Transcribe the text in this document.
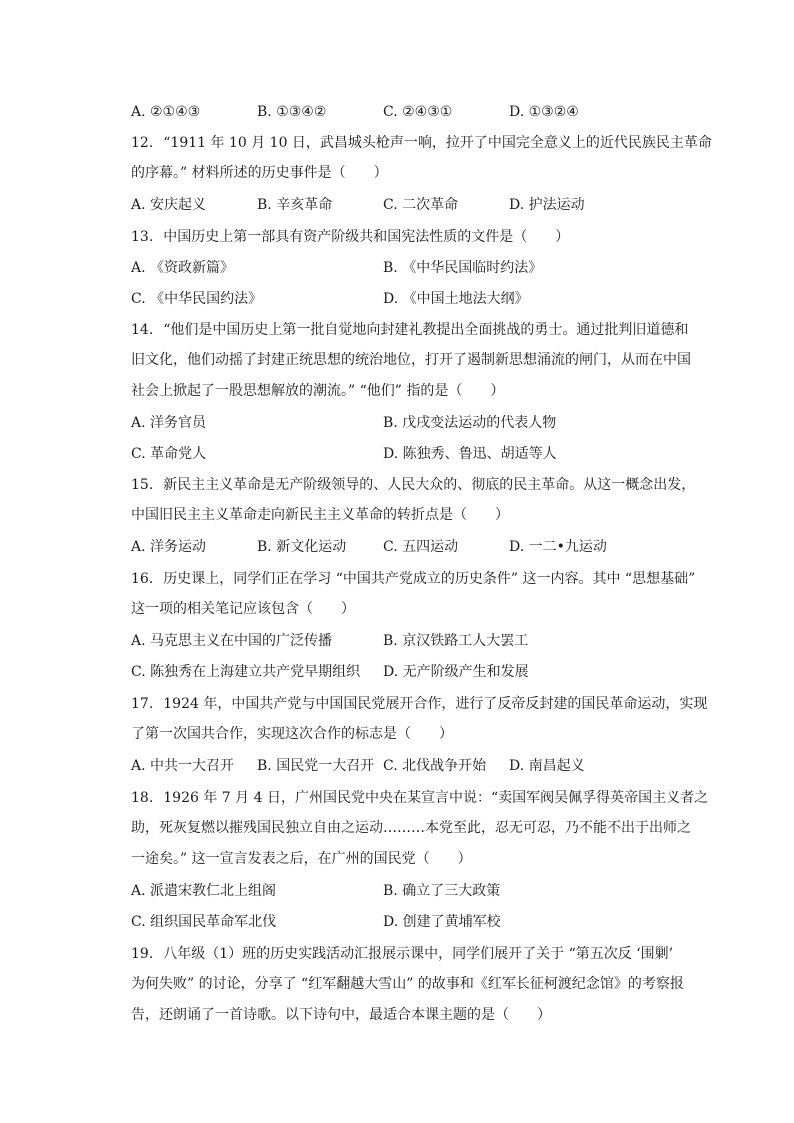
A. ②①④③	B. ①③④②	C. ②④③①	D. ①③②④
12. “1911 年 10 月 10 日，武昌城头枪声一响，拉开了中国完全意义上的近代民族民主革命
的序幕。” 材料所述的历史事件是（　　）
A. 安庆起义	B. 辛亥革命	C. 二次革命	D. 护法运动
13. 中国历史上第一部具有资产阶级共和国宪法性质的文件是（　　）
A. 《资政新篇》	B. 《中华民国临时约法》
C. 《中华民国约法》	D. 《中国土地法大纲》
14. “他们是中国历史上第一批自觉地向封建礼教提出全面挑战的勇士。通过批判旧道德和
旧文化，他们动摇了封建正统思想的统治地位，打开了遏制新思想涌流的闸门，从而在中国
社会上掀起了一股思想解放的潮流。” “他们” 指的是（　　）
A. 洋务官员	B. 戊戌变法运动的代表人物
C. 革命党人	D. 陈独秀、鲁迅、胡适等人
15. 新民主主义革命是无产阶级领导的、人民大众的、彻底的民主革命。从这一概念出发，
中国旧民主主义革命走向新民主主义革命的转折点是（　　）
A. 洋务运动	B. 新文化运动	C. 五四运动	D. 一二•九运动
16. 历史课上，同学们正在学习 “中国共产党成立的历史条件” 这一内容。其中 “思想基础”
这一项的相关笔记应该包含（　　）
A. 马克思主义在中国的广泛传播	B. 京汉铁路工人大罢工
C. 陈独秀在上海建立共产党早期组织 D. 无产阶级产生和发展
17. 1924 年，中国共产党与中国国民党展开合作，进行了反帝反封建的国民革命运动，实现
了第一次国共合作，实现这次合作的标志是（　　）
A. 中共一大召开 B. 国民党一大召开 C. 北伐战争开始 D. 南昌起义
18. 1926 年 7 月 4 日，广州国民党中央在某宣言中说：“卖国军阀吴佩孚得英帝国主义者之
助，死灰复燃以摧残国民独立自由之运动………本党至此，忍无可忍，乃不能不出于出师之
一途矣。” 这一宣言发表之后，在广州的国民党（　　）
A. 派遣宋教仁北上组阁	B. 确立了三大政策
C. 组织国民革命军北伐	D. 创建了黄埔军校
19. 八年级（1）班的历史实践活动汇报展示课中，同学们展开了关于 “第五次反 ‘围剿’
为何失败” 的讨论，分享了 “红军翻越大雪山” 的故事和《红军长征柯渡纪念馆》的考察报
告，还朗诵了一首诗歌。以下诗句中，最适合本课主题的是（　　）
